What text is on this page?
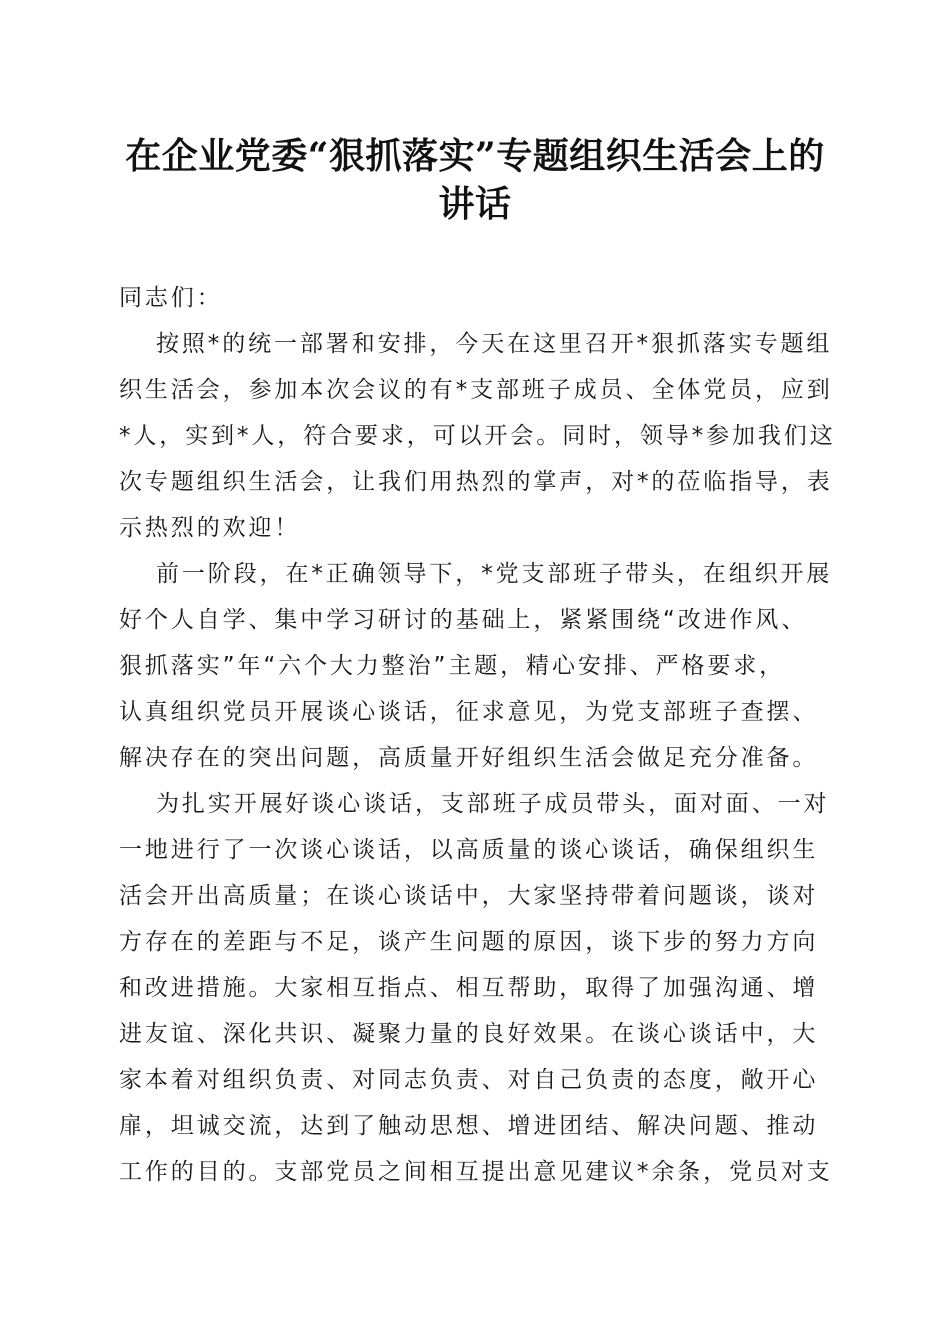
在企业党委“狠抓落实”专题组织生活会上的
讲话
同志们：
按照*的统一部署和安排，今天在这里召开*狠抓落实专题组
织生活会，参加本次会议的有*支部班子成员、全体党员，应到
*人，实到*人，符合要求，可以开会。同时，领导*参加我们这
次专题组织生活会，让我们用热烈的掌声，对*的莅临指导，表
示热烈的欢迎！
前一阶段，在*正确领导下，*党支部班子带头，在组织开展
好个人自学、集中学习研讨的基础上，紧紧围绕“改进作风、
狠抓落实”年“六个大力整治”主题，精心安排、严格要求，
认真组织党员开展谈心谈话，征求意见，为党支部班子查摆、
解决存在的突出问题，高质量开好组织生活会做足充分准备。
为扎实开展好谈心谈话，支部班子成员带头，面对面、一对
一地进行了一次谈心谈话，以高质量的谈心谈话，确保组织生
活会开出高质量；在谈心谈话中，大家坚持带着问题谈，谈对
方存在的差距与不足，谈产生问题的原因，谈下步的努力方向
和改进措施。大家相互指点、相互帮助，取得了加强沟通、增
进友谊、深化共识、凝聚力量的良好效果。在谈心谈话中，大
家本着对组织负责、对同志负责、对自己负责的态度，敞开心
扉，坦诚交流，达到了触动思想、增进团结、解决问题、推动
工作的目的。支部党员之间相互提出意见建议*余条，党员对支
